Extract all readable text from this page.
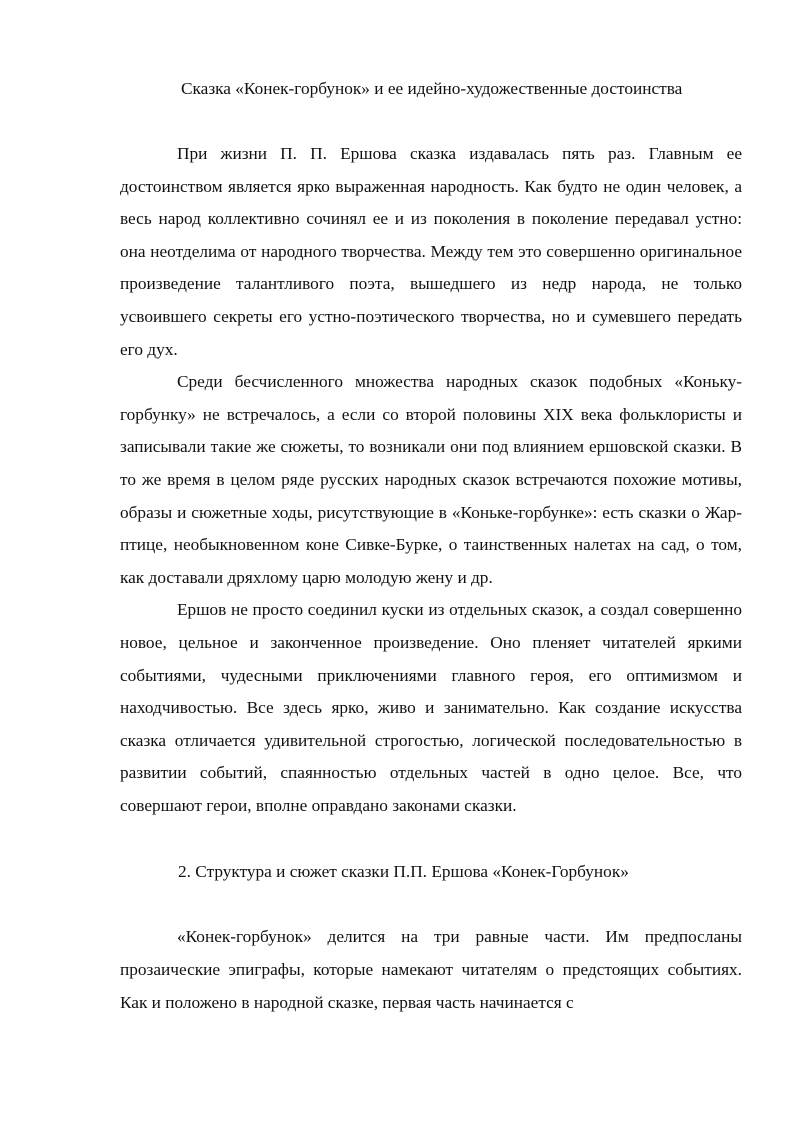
Сказка «Конек-горбунок» и ее идейно-художественные достоинства

При жизни П. П. Ершова сказка издавалась пять раз. Главным ее достоинством является ярко выраженная народность. Как будто не один человек, а весь народ коллективно сочинял ее и из поколения в поколение передавал устно: она неотделима от народного творчества. Между тем это совершенно оригинальное произведение талантливого поэта, вышедшего из недр народа, не только усвоившего секреты его устно-поэтического творчества, но и сумевшего передать его дух.

Среди бесчисленного множества народных сказок подобных «Коньку-горбунку» не встречалось, а если со второй половины XIX века фольклористы и записывали такие же сюжеты, то возникали они под влиянием ершовской сказки. В то же время в целом ряде русских народных сказок встречаются похожие мотивы, образы и сюжетные ходы, рисутствующие в «Коньке-горбунке»: есть сказки о Жар-птице, необыкновенном коне Сивке-Бурке, о таинственных налетах на сад, о том, как доставали дряхлому царю молодую жену и др.

Ершов не просто соединил куски из отдельных сказок, а создал совершенно новое, цельное и законченное произведение. Оно пленяет читателей яркими событиями, чудесными приключениями главного героя, его оптимизмом и находчивостью. Все здесь ярко, живо и занимательно. Как создание искусства сказка отличается удивительной строгостью, логической последовательностью в развитии событий, спаянностью отдельных частей в одно целое. Все, что совершают герои, вполне оправдано законами сказки.

2. Структура и сюжет сказки П.П. Ершова «Конек-Горбунок»

«Конек-горбунок» делится на три равные части. Им предпосланы прозаические эпиграфы, которые намекают читателям о предстоящих событиях. Как и положено в народной сказке, первая часть начинается с
